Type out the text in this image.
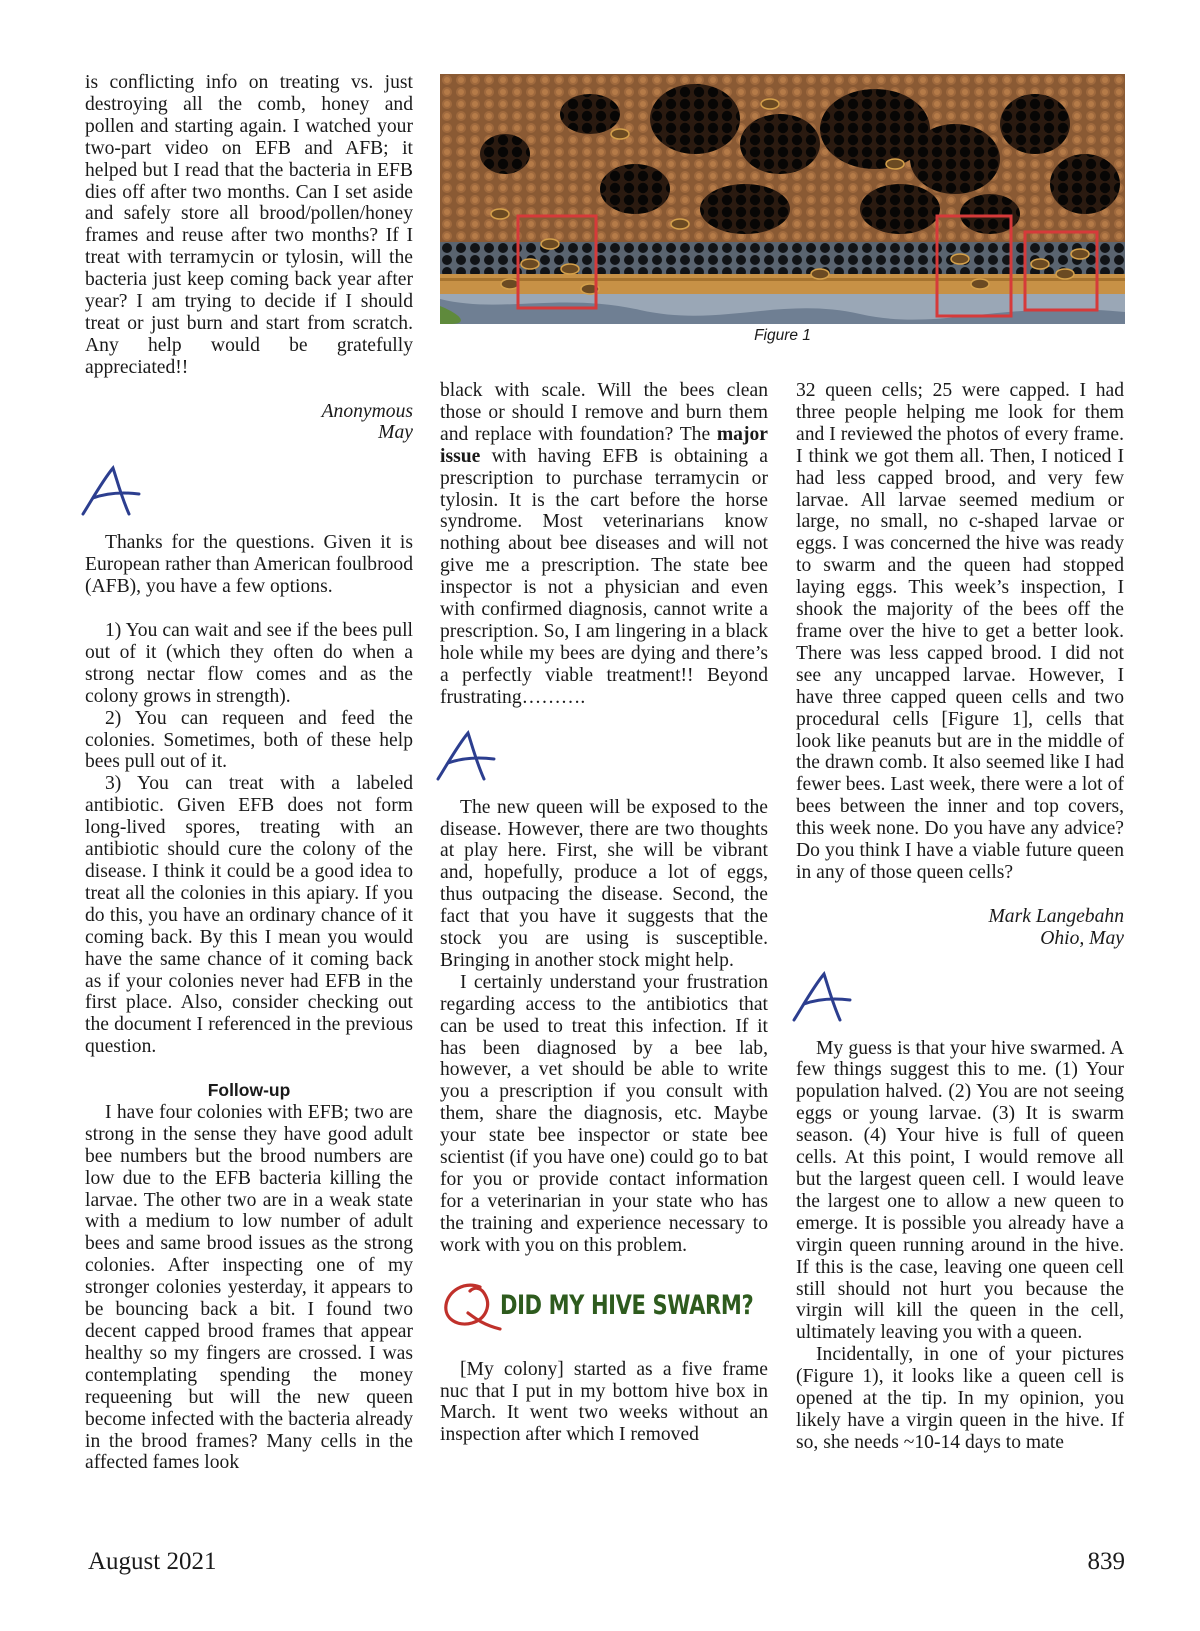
is conflicting info on treating vs. just destroying all the comb, honey and pollen and starting again. I watched your two-part video on EFB and AFB; it helped but I read that the bacteria in EFB dies off after two months. Can I set aside and safely store all brood/pollen/honey frames and reuse after two months? If I treat with terramycin or tylosin, will the bacteria just keep coming back year after year? I am trying to decide if I should treat or just burn and start from scratch. Any help would be gratefully appreciated!!

Anonymous
May
A

Thanks for the questions. Given it is European rather than American foulbrood (AFB), you have a few options.

1) You can wait and see if the bees pull out of it (which they often do when a strong nectar flow comes and as the colony grows in strength).

2) You can requeen and feed the colonies. Sometimes, both of these help bees pull out of it.

3) You can treat with a labeled antibiotic. Given EFB does not form long-lived spores, treating with an antibiotic should cure the colony of the disease. I think it could be a good idea to treat all the colonies in this apiary. If you do this, you have an ordinary chance of it coming back. By this I mean you would have the same chance of it coming back as if your colonies never had EFB in the first place. Also, consider checking out the document I referenced in the previous question.

Follow-up

I have four colonies with EFB; two are strong in the sense they have good adult bee numbers but the brood numbers are low due to the EFB bacteria killing the larvae. The other two are in a weak state with a medium to low number of adult bees and same brood issues as the strong colonies. After inspecting one of my stronger colonies yesterday, it appears to be bouncing back a bit. I found two decent capped brood frames that appear healthy so my fingers are crossed. I was contemplating spending the money requeening but will the new queen become infected with the bacteria already in the brood frames? Many cells in the affected fames look

Figure 1

black with scale. Will the bees clean those or should I remove and burn them and replace with foundation? The major issue with having EFB is obtaining a prescription to purchase terramycin or tylosin. It is the cart before the horse syndrome. Most veterinarians know nothing about bee diseases and will not give me a prescription. The state bee inspector is not a physician and even with confirmed diagnosis, cannot write a prescription. So, I am lingering in a black hole while my bees are dying and there’s a perfectly viable treatment!! Beyond frustrating……….

A

The new queen will be exposed to the disease. However, there are two thoughts at play here. First, she will be vibrant and, hopefully, produce a lot of eggs, thus outpacing the disease. Second, the fact that you have it suggests that the stock you are using is susceptible. Bringing in another stock might help.

I certainly understand your frustration regarding access to the antibiotics that can be used to treat this infection. If it has been diagnosed by a bee lab, however, a vet should be able to write you a prescription if you consult with them, share the diagnosis, etc. Maybe your state bee inspector or state bee scientist (if you have one) could go to bat for you or provide contact information for a veterinarian in your state who has the training and experience necessary to work with you on this problem.

DID MY HIVE SWARM?

[My colony] started as a five frame nuc that I put in my bottom hive box in March. It went two weeks without an inspection after which I removed

32 queen cells; 25 were capped. I had three people helping me look for them and I reviewed the photos of every frame. I think we got them all. Then, I noticed I had less capped brood, and very few larvae. All larvae seemed medium or large, no small, no c-shaped larvae or eggs. I was concerned the hive was ready to swarm and the queen had stopped laying eggs. This week’s inspection, I shook the majority of the bees off the frame over the hive to get a better look. There was less capped brood. I did not see any uncapped larvae. However, I have three capped queen cells and two procedural cells [Figure 1], cells that look like peanuts but are in the middle of the drawn comb. It also seemed like I had fewer bees. Last week, there were a lot of bees between the inner and top covers, this week none. Do you have any advice? Do you think I have a viable future queen in any of those queen cells?

Mark Langebahn
Ohio, May
A

My guess is that your hive swarmed. A few things suggest this to me. (1) Your population halved. (2) You are not seeing eggs or young larvae. (3) It is swarm season. (4) Your hive is full of queen cells. At this point, I would remove all but the largest queen cell. I would leave the largest one to allow a new queen to emerge. It is possible you already have a virgin queen running around in the hive. If this is the case, leaving one queen cell still should not hurt you because the virgin will kill the queen in the cell, ultimately leaving you with a queen.

Incidentally, in one of your pictures (Figure 1), it looks like a queen cell is opened at the tip. In my opinion, you likely have a virgin queen in the hive. If so, she needs ~10-14 days to mate

August 2021	839
